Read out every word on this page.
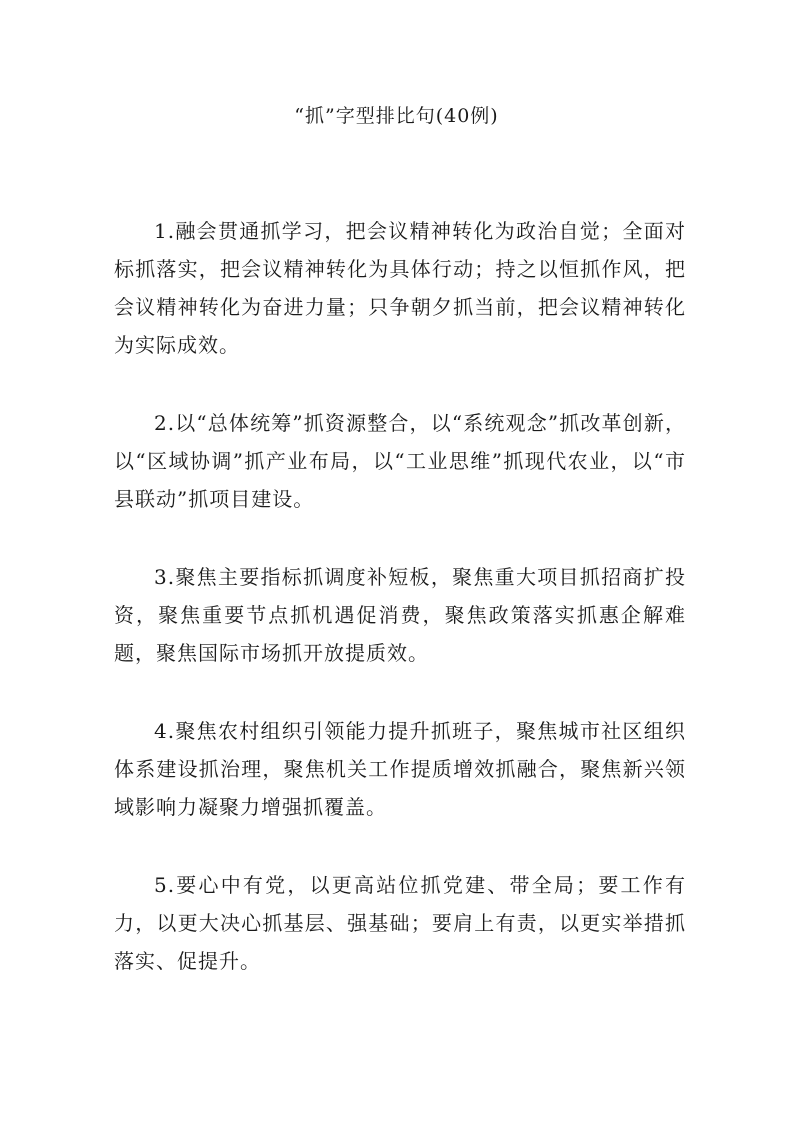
“抓”字型排比句(40例)

1.融会贯通抓学习，把会议精神转化为政治自觉；全面对标抓落实，把会议精神转化为具体行动；持之以恒抓作风，把会议精神转化为奋进力量；只争朝夕抓当前，把会议精神转化为实际成效。

2.以“总体统筹”抓资源整合，以“系统观念”抓改革创新，以“区域协调”抓产业布局，以“工业思维”抓现代农业，以“市县联动”抓项目建设。

3.聚焦主要指标抓调度补短板，聚焦重大项目抓招商扩投资，聚焦重要节点抓机遇促消费，聚焦政策落实抓惠企解难题，聚焦国际市场抓开放提质效。

4.聚焦农村组织引领能力提升抓班子，聚焦城市社区组织体系建设抓治理，聚焦机关工作提质增效抓融合，聚焦新兴领域影响力凝聚力增强抓覆盖。

5.要心中有党，以更高站位抓党建、带全局；要工作有力，以更大决心抓基层、强基础；要肩上有责，以更实举措抓落实、促提升。
